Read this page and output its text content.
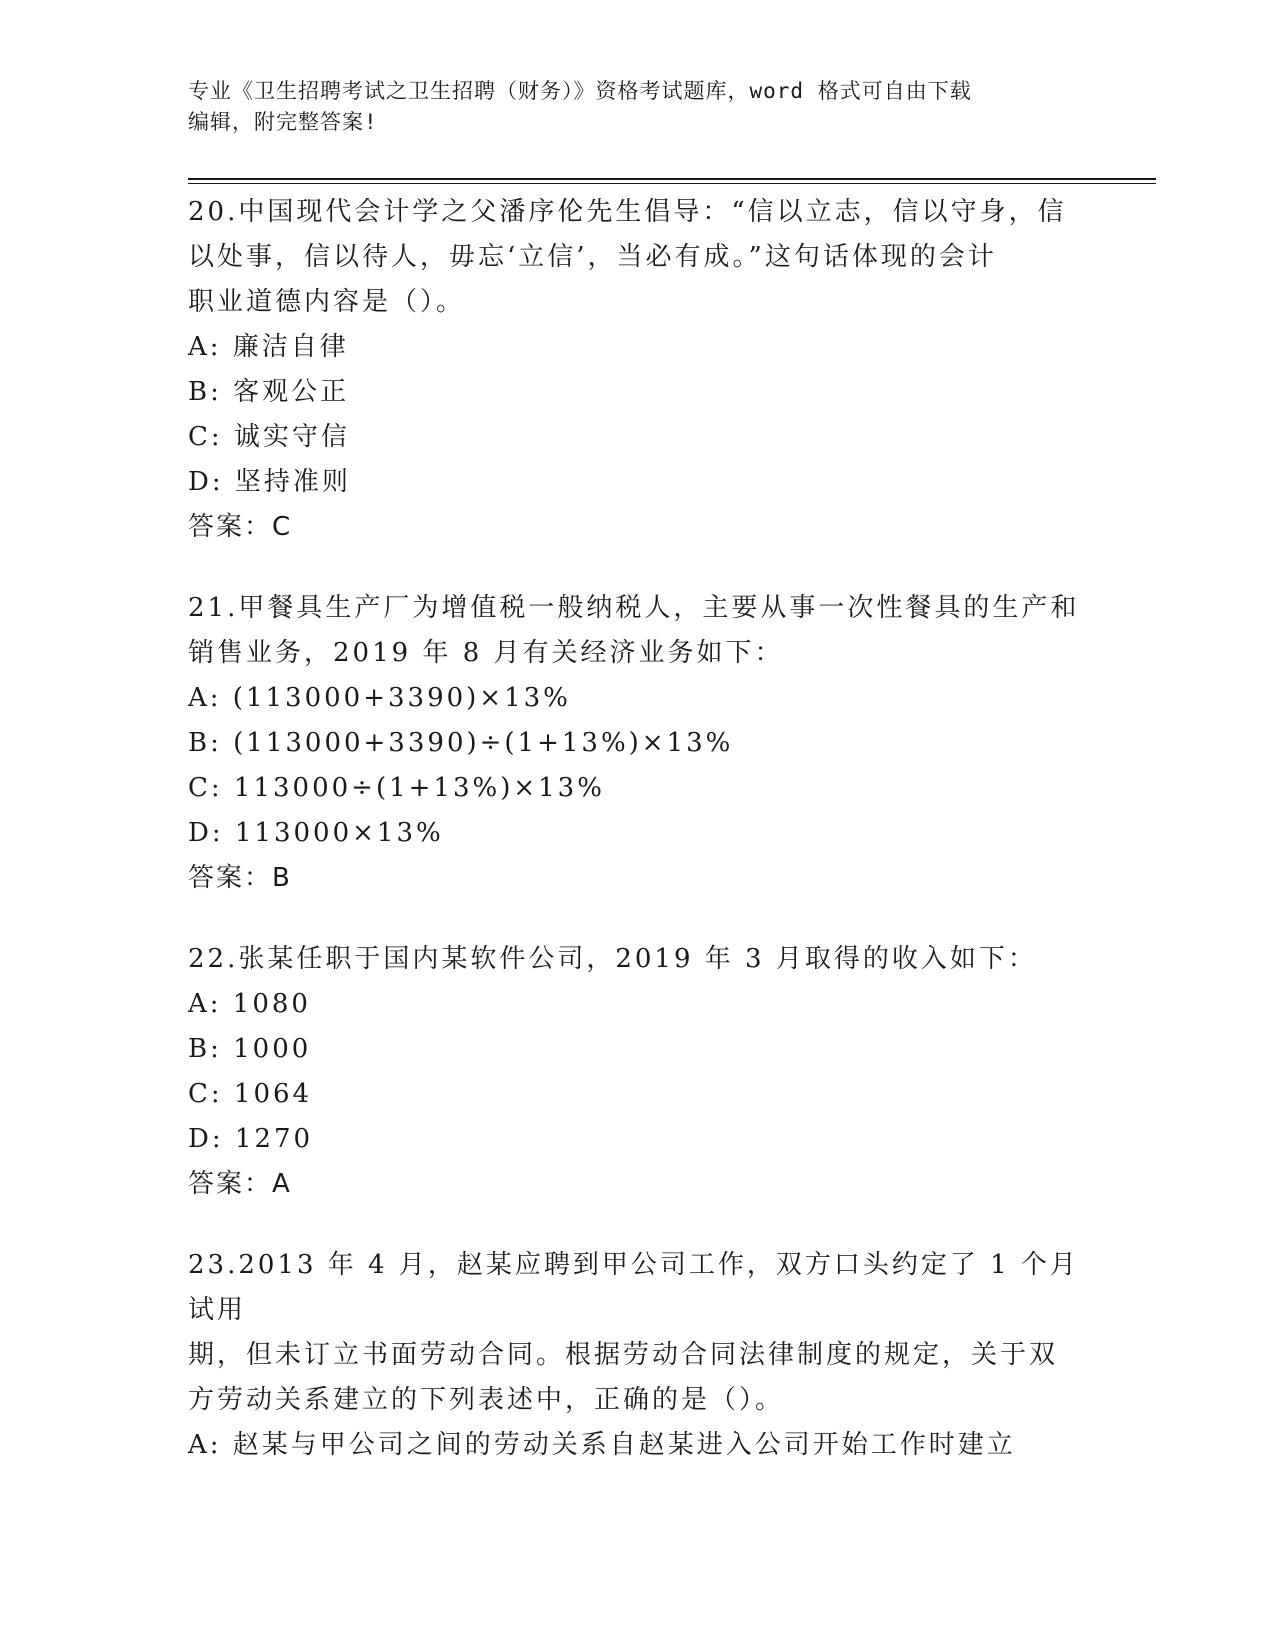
专业《卫生招聘考试之卫生招聘（财务）》资格考试题库，word 格式可自由下载
编辑，附完整答案!
20.中国现代会计学之父潘序伦先生倡导：“信以立志，信以守身，信
以处事，信以待人，毋忘‘立信’，当必有成。”这句话体现的会计
职业道德内容是（）。
A: 廉洁自律
B: 客观公正
C: 诚实守信
D: 坚持准则
答案：C
21.甲餐具生产厂为增值税一般纳税人，主要从事一次性餐具的生产和
销售业务，2019 年 8 月有关经济业务如下：
A: (113000+3390)×13%
B: (113000+3390)÷(1+13%)×13%
C: 113000÷(1+13%)×13%
D: 113000×13%
答案：B
22.张某任职于国内某软件公司，2019 年 3 月取得的收入如下：
A: 1080
B: 1000
C: 1064
D: 1270
答案：A
23.2013 年 4 月，赵某应聘到甲公司工作，双方口头约定了 1 个月试用
期，但未订立书面劳动合同。根据劳动合同法律制度的规定，关于双
方劳动关系建立的下列表述中，正确的是（）。
A: 赵某与甲公司之间的劳动关系自赵某进入公司开始工作时建立
